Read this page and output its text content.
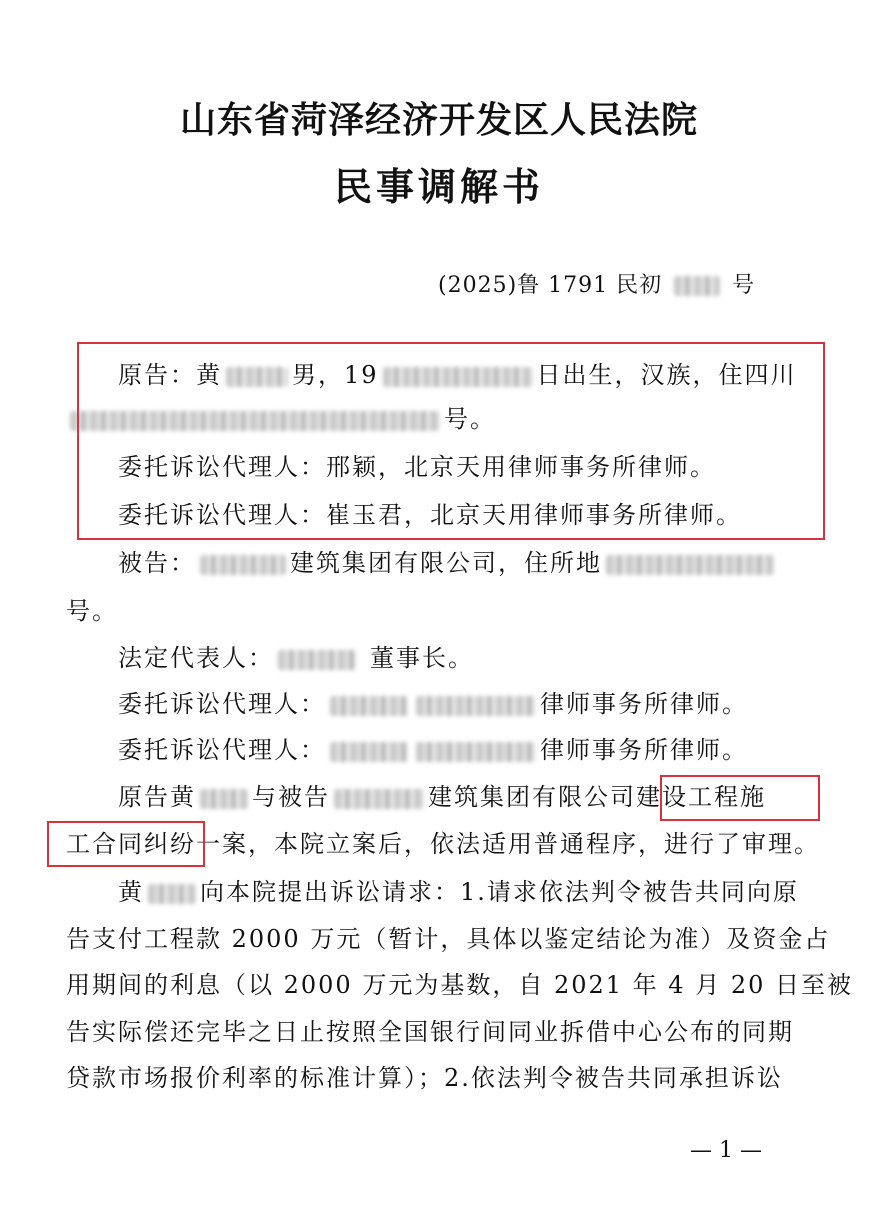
山东省菏泽经济开发区人民法院
民事调解书
(2025)鲁 1791 民初	号
原告：黄	男，19	日出生，汉族，住四川
号。
委托诉讼代理人：邢颖，北京天用律师事务所律师。
委托诉讼代理人：崔玉君，北京天用律师事务所律师。
被告：	建筑集团有限公司，住所地
号。
法定代表人：	董事长。
委托诉讼代理人：	律师事务所律师。
委托诉讼代理人：	律师事务所律师。
原告黄 与被告	建筑集团有限公司建设工程施
工合同纠纷一案，本院立案后，依法适用普通程序，进行了审理。
黄 向本院提出诉讼请求：1.请求依法判令被告共同向原
告支付工程款 2000 万元（暂计，具体以鉴定结论为准）及资金占
用期间的利息（以 2000 万元为基数，自 2021 年 4 月 20 日至被
告实际偿还完毕之日止按照全国银行间同业拆借中心公布的同期
贷款市场报价利率的标准计算）；2.依法判令被告共同承担诉讼
— 1 —
